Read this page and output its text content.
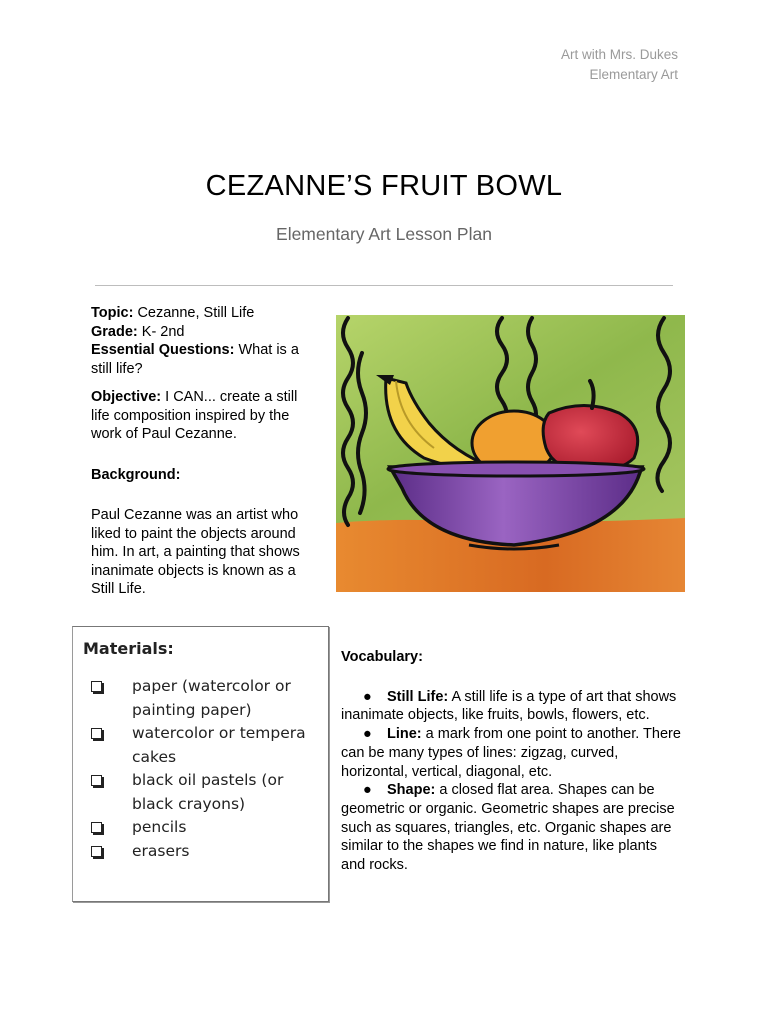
Art with Mrs. Dukes
Elementary Art
CEZANNE’S FRUIT BOWL
Elementary Art Lesson Plan

Topic: Cezanne, Still Life

Grade: K- 2nd

Essential Questions: What is a still life?

Objective: I CAN... create a still life composition inspired by the work of Paul Cezanne.

Background:

Paul Cezanne was an artist who liked to paint the objects around him. In art, a painting that shows inanimate objects is known as a Still Life.

Materials:
paper (watercolor or painting paper)
watercolor or tempera cakes
black oil pastels (or black crayons)
pencils
erasers
Vocabulary:
● Still Life: A still life is a type of art that shows inanimate objects, like fruits, bowls, flowers, etc.
● Line: a mark from one point to another. There can be many types of lines: zigzag, curved, horizontal, vertical, diagonal, etc.
● Shape: a closed flat area. Shapes can be geometric or organic. Geometric shapes are precise such as squares, triangles, etc. Organic shapes are similar to the shapes we find in nature, like plants and rocks.
